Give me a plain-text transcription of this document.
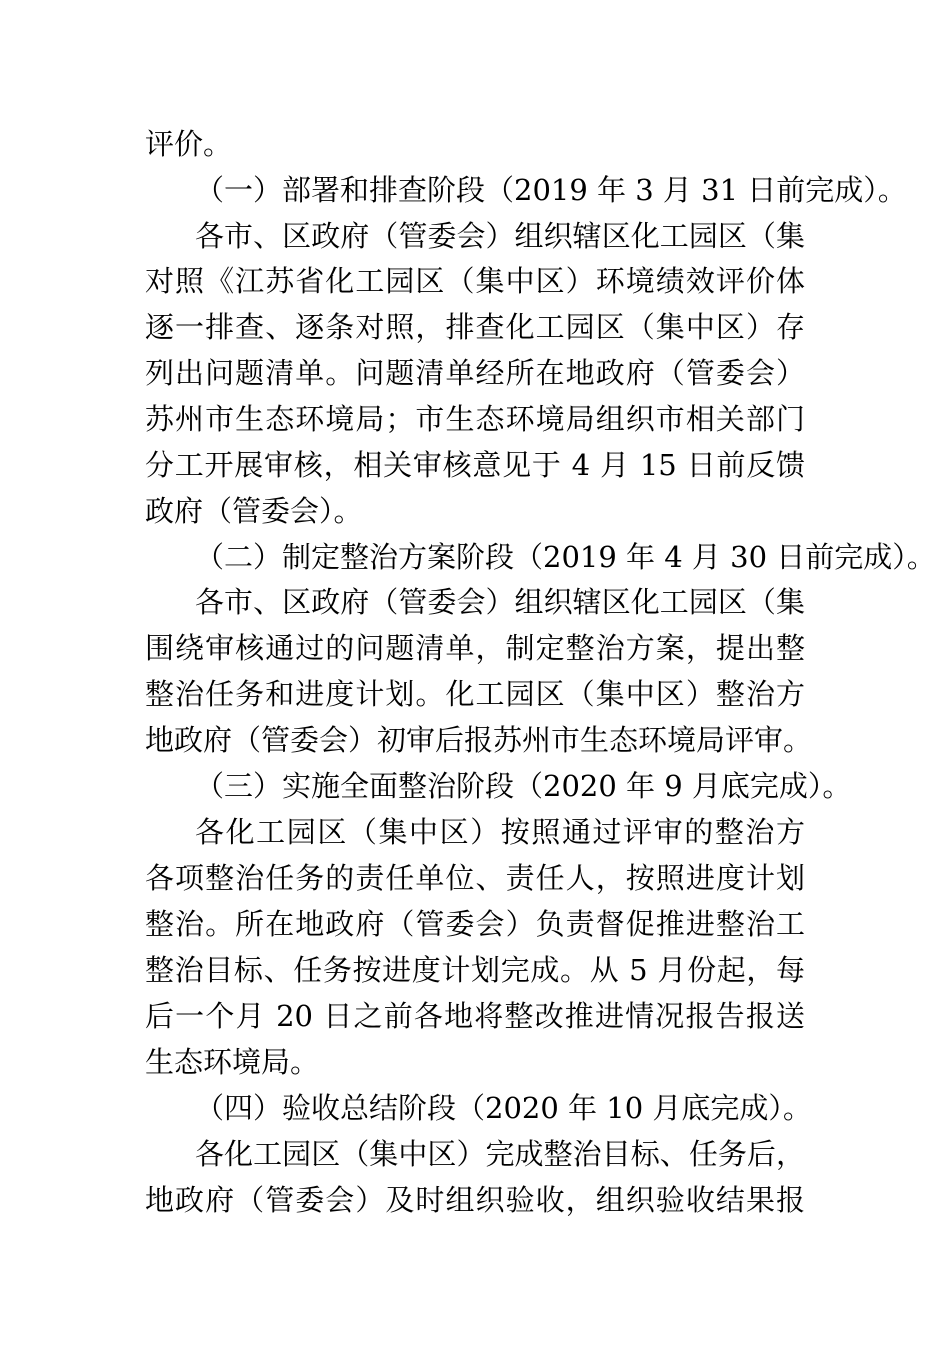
评价。
（一）部署和排查阶段（2019 年 3 月 31 日前完成）。
各市、区政府（管委会）组织辖区化工园区（集
对照《江苏省化工园区（集中区）环境绩效评价体
逐一排查、逐条对照，排查化工园区（集中区）存
列出问题清单。问题清单经所在地政府（管委会）
苏州市生态环境局；市生态环境局组织市相关部门
分工开展审核，相关审核意见于 4 月 15 日前反馈
政府（管委会）。
（二）制定整治方案阶段（2019 年 4 月 30 日前完成）。
各市、区政府（管委会）组织辖区化工园区（集
围绕审核通过的问题清单，制定整治方案，提出整
整治任务和进度计划。化工园区（集中区）整治方
地政府（管委会）初审后报苏州市生态环境局评审。
（三）实施全面整治阶段（2020 年 9 月底完成）。
各化工园区（集中区）按照通过评审的整治方
各项整治任务的责任单位、责任人，按照进度计划
整治。所在地政府（管委会）负责督促推进整治工
整治目标、任务按进度计划完成。从 5 月份起，每
后一个月 20 日之前各地将整改推进情况报告报送
生态环境局。
（四）验收总结阶段（2020 年 10 月底完成）。
各化工园区（集中区）完成整治目标、任务后，
地政府（管委会）及时组织验收，组织验收结果报
